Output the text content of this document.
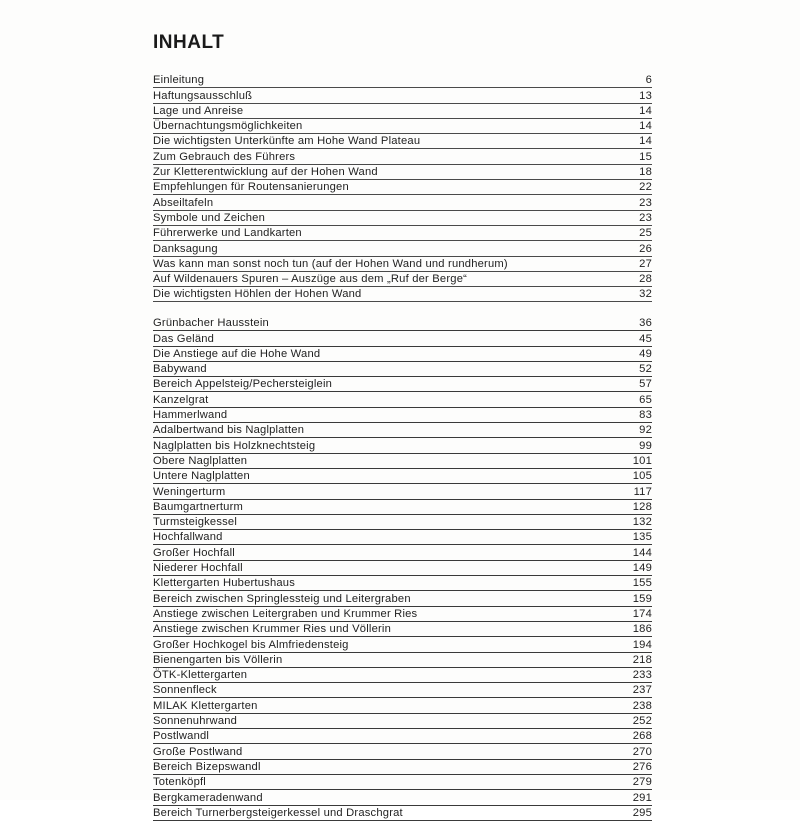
INHALT
Einleitung	6
Haftungsausschluß	13
Lage und Anreise	14
Übernachtungsmöglichkeiten	14
Die wichtigsten Unterkünfte am Hohe Wand Plateau	14
Zum Gebrauch des Führers	15
Zur Kletterentwicklung auf der Hohen Wand	18
Empfehlungen für Routensanierungen	22
Abseiltafeln	23
Symbole und Zeichen	23
Führerwerke und Landkarten	25
Danksagung	26
Was kann man sonst noch tun (auf der Hohen Wand und rundherum)	27
Auf Wildenauers Spuren – Auszüge aus dem „Ruf der Berge“	28
Die wichtigsten Höhlen der Hohen Wand	32
Grünbacher Hausstein	36
Das Geländ	45
Die Anstiege auf die Hohe Wand	49
Babywand	52
Bereich Appelsteig/Pechersteiglein	57
Kanzelgrat	65
Hammerlwand	83
Adalbertwand bis Naglplatten	92
Naglplatten bis Holzknechtsteig	99
Obere Naglplatten	101
Untere Naglplatten	105
Weningerturm	117
Baumgartnerturm	128
Turmsteigkessel	132
Hochfallwand	135
Großer Hochfall	144
Niederer Hochfall	149
Klettergarten Hubertushaus	155
Bereich zwischen Springlessteig und Leitergraben	159
Anstiege zwischen Leitergraben und Krummer Ries	174
Anstiege zwischen Krummer Ries und Völlerin	186
Großer Hochkogel bis Almfriedensteig	194
Bienengarten bis Völlerin	218
ÖTK-Klettergarten	233
Sonnenfleck	237
MILAK Klettergarten	238
Sonnenuhrwand	252
Postlwandl	268
Große Postlwand	270
Bereich Bizepswandl	276
Totenköpfl	279
Bergkameradenwand	291
Bereich Turnerbergsteigerkessel und Draschgrat	295
